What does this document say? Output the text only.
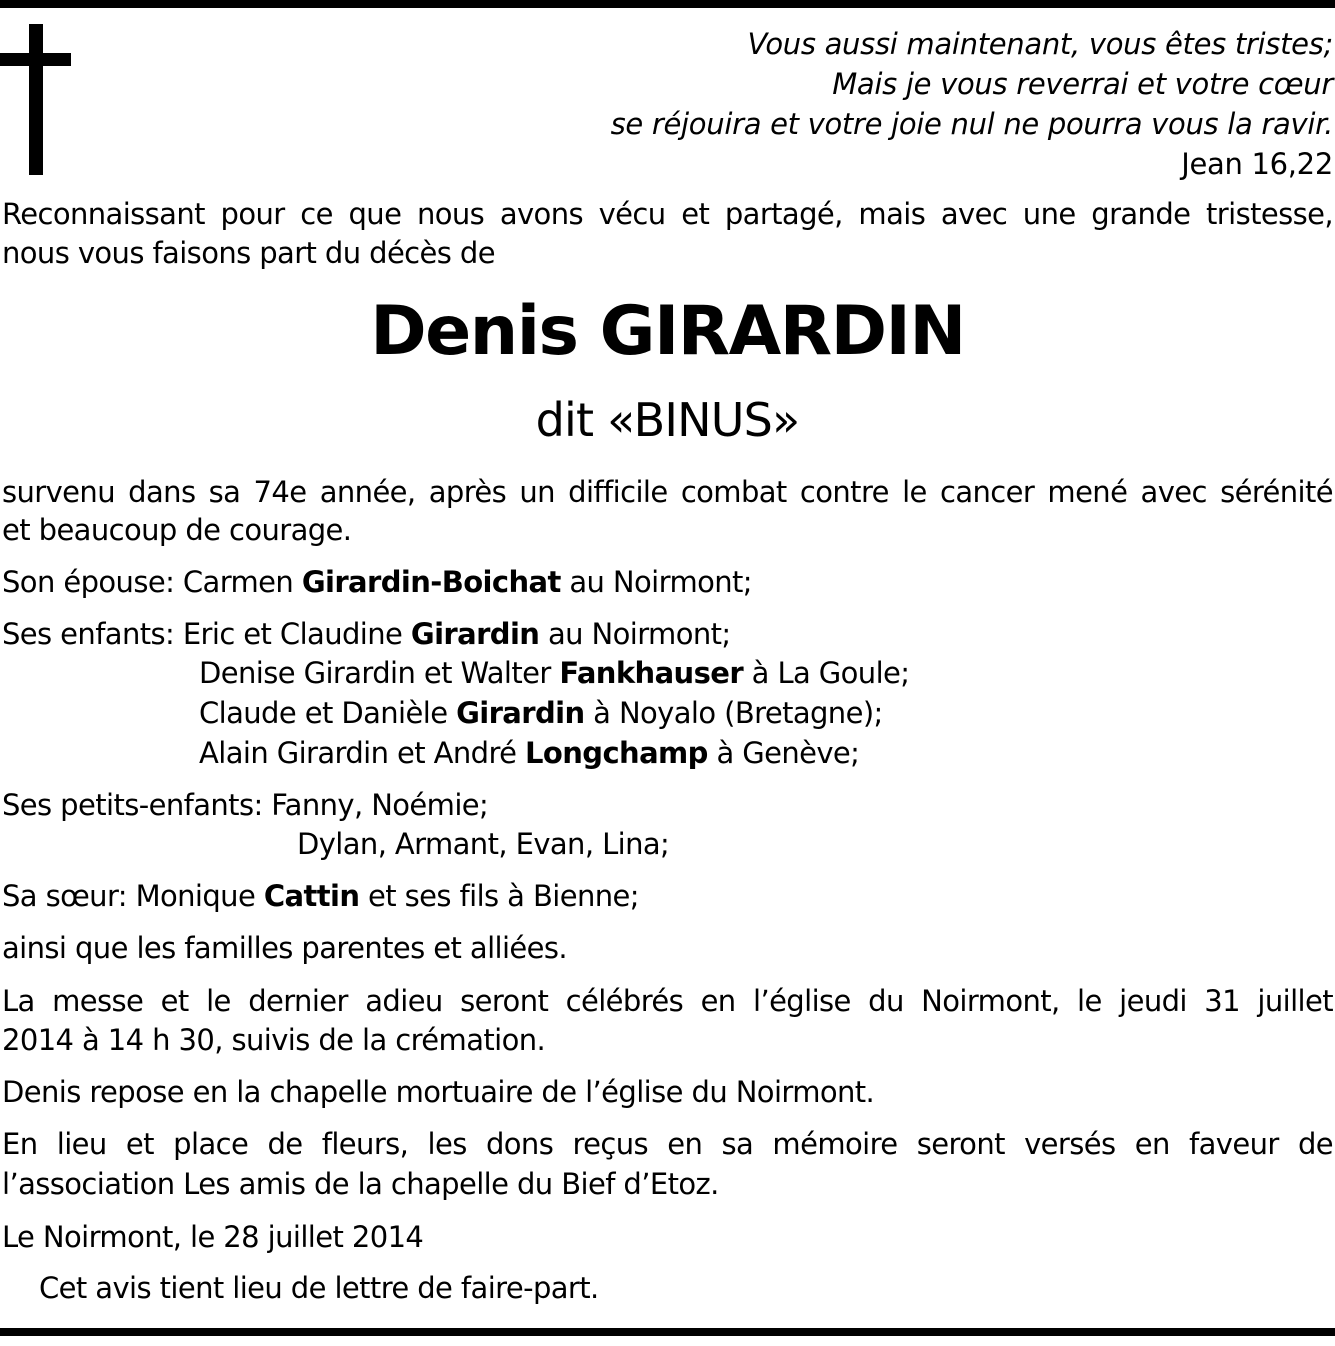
Vous aussi maintenant, vous êtes tristes;
Mais je vous reverrai et votre cœur
se réjouira et votre joie nul ne pourra vous la ravir.
Jean 16,22
Reconnaissant pour ce que nous avons vécu et partagé, mais avec une grande tristesse,
nous vous faisons part du décès de
Denis GIRARDIN
dit «BINUS»
survenu dans sa 74e année, après un difficile combat contre le cancer mené avec sérénité
et beaucoup de courage.
Son épouse: Carmen Girardin-Boichat au Noirmont;
Ses enfants: Eric et Claudine Girardin au Noirmont;
Denise Girardin et Walter Fankhauser à La Goule;
Claude et Danièle Girardin à Noyalo (Bretagne);
Alain Girardin et André Longchamp à Genève;
Ses petits-enfants: Fanny, Noémie;
Dylan, Armant, Evan, Lina;
Sa sœur: Monique Cattin et ses fils à Bienne;
ainsi que les familles parentes et alliées.
La messe et le dernier adieu seront célébrés en l’église du Noirmont, le jeudi 31 juillet
2014 à 14 h 30, suivis de la crémation.
Denis repose en la chapelle mortuaire de l’église du Noirmont.
En lieu et place de fleurs, les dons reçus en sa mémoire seront versés en faveur de
l’association Les amis de la chapelle du Bief d’Etoz.
Le Noirmont, le 28 juillet 2014
Cet avis tient lieu de lettre de faire-part.
